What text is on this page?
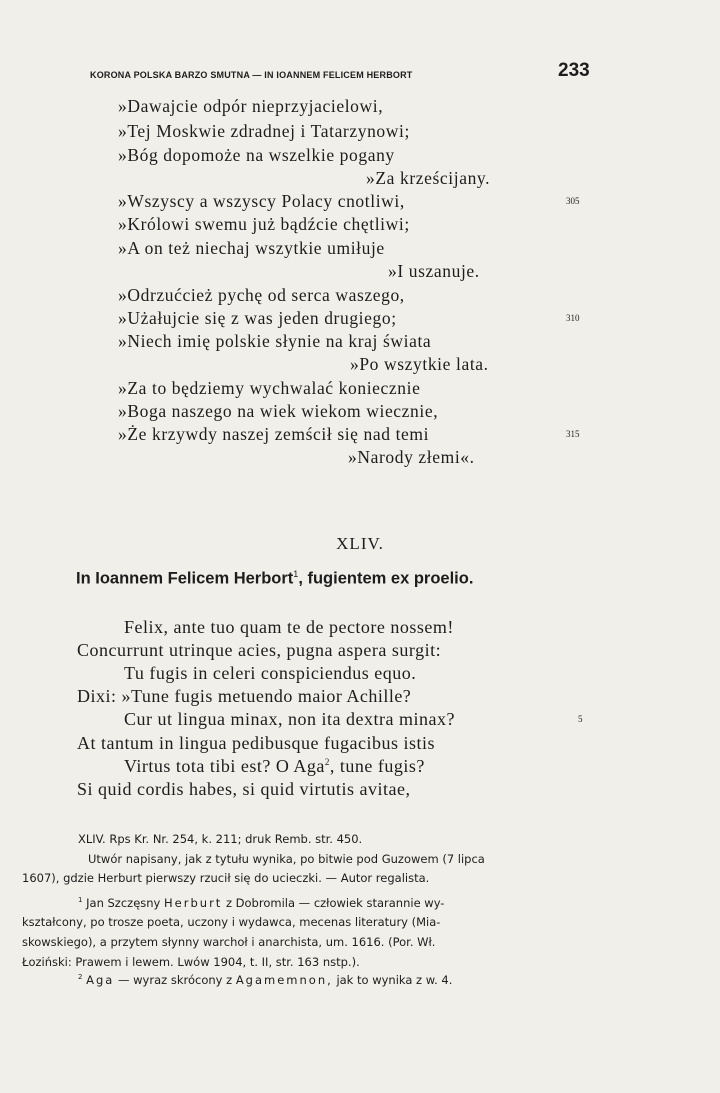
KORONA POLSKA BARZO SMUTNA — IN IOANNEM FELICEM HERBORT	233
»Dawajcie odpór nieprzyjacielowi,
»Tej Moskwie zdradnej i Tatarzynowi;
»Bóg dopomoże na wszelkie pogany
»Za krześcijany.
»Wszyscy a wszyscy Polacy cnotliwi,
»Królowi swemu już bądźcie chętliwi;
»A on też niechaj wszytkie umiłuje
»I uszanuje.
»Odrzućcież pychę od serca waszego,
»Użałujcie się z was jeden drugiego;
»Niech imię polskie słynie na kraj świata
»Po wszytkie lata.
»Za to będziemy wychwalać koniecznie
»Boga naszego na wiek wiekom wiecznie,
»Że krzywdy naszej zemścił się nad temi
»Narody złemi«.
305
310
315
XLIV.
In Ioannem Felicem Herbort$^1$, fugientem ex proelio.
Felix, ante tuo quam te de pectore nossem!
Concurrunt utrinque acies, pugna aspera surgit:
Tu fugis in celeri conspiciendus equo.
Dixi: »Tune fugis metuendo maior Achille?
Cur ut lingua minax, non ita dextra minax?
At tantum in lingua pedibusque fugacibus istis
Virtus tota tibi est? O Aga$^2$, tune fugis?
Si quid cordis habes, si quid virtutis avitae,
5
XLIV. Rps Kr. Nr. 254, k. 211; druk Remb. str. 450.
Utwór napisany, jak z tytułu wynika, po bitwie pod Guzowem (7 lipca
1607), gdzie Herburt pierwszy rzucił się do ucieczki. — Autor regalista.
$^1$ Jan Szczęsny Herburt z Dobromila — człowiek starannie wy-
kształcony, po trosze poeta, uczony i wydawca, mecenas literatury (Mia-
skowskiego), a przytem słynny warchoł i anarchista, um. 1616. (Por. Wł.
Łoziński: Prawem i lewem. Lwów 1904, t. II, str. 163 nstp.).
$^2$ Aga — wyraz skrócony z Agamemnon, jak to wynika z w. 4.
